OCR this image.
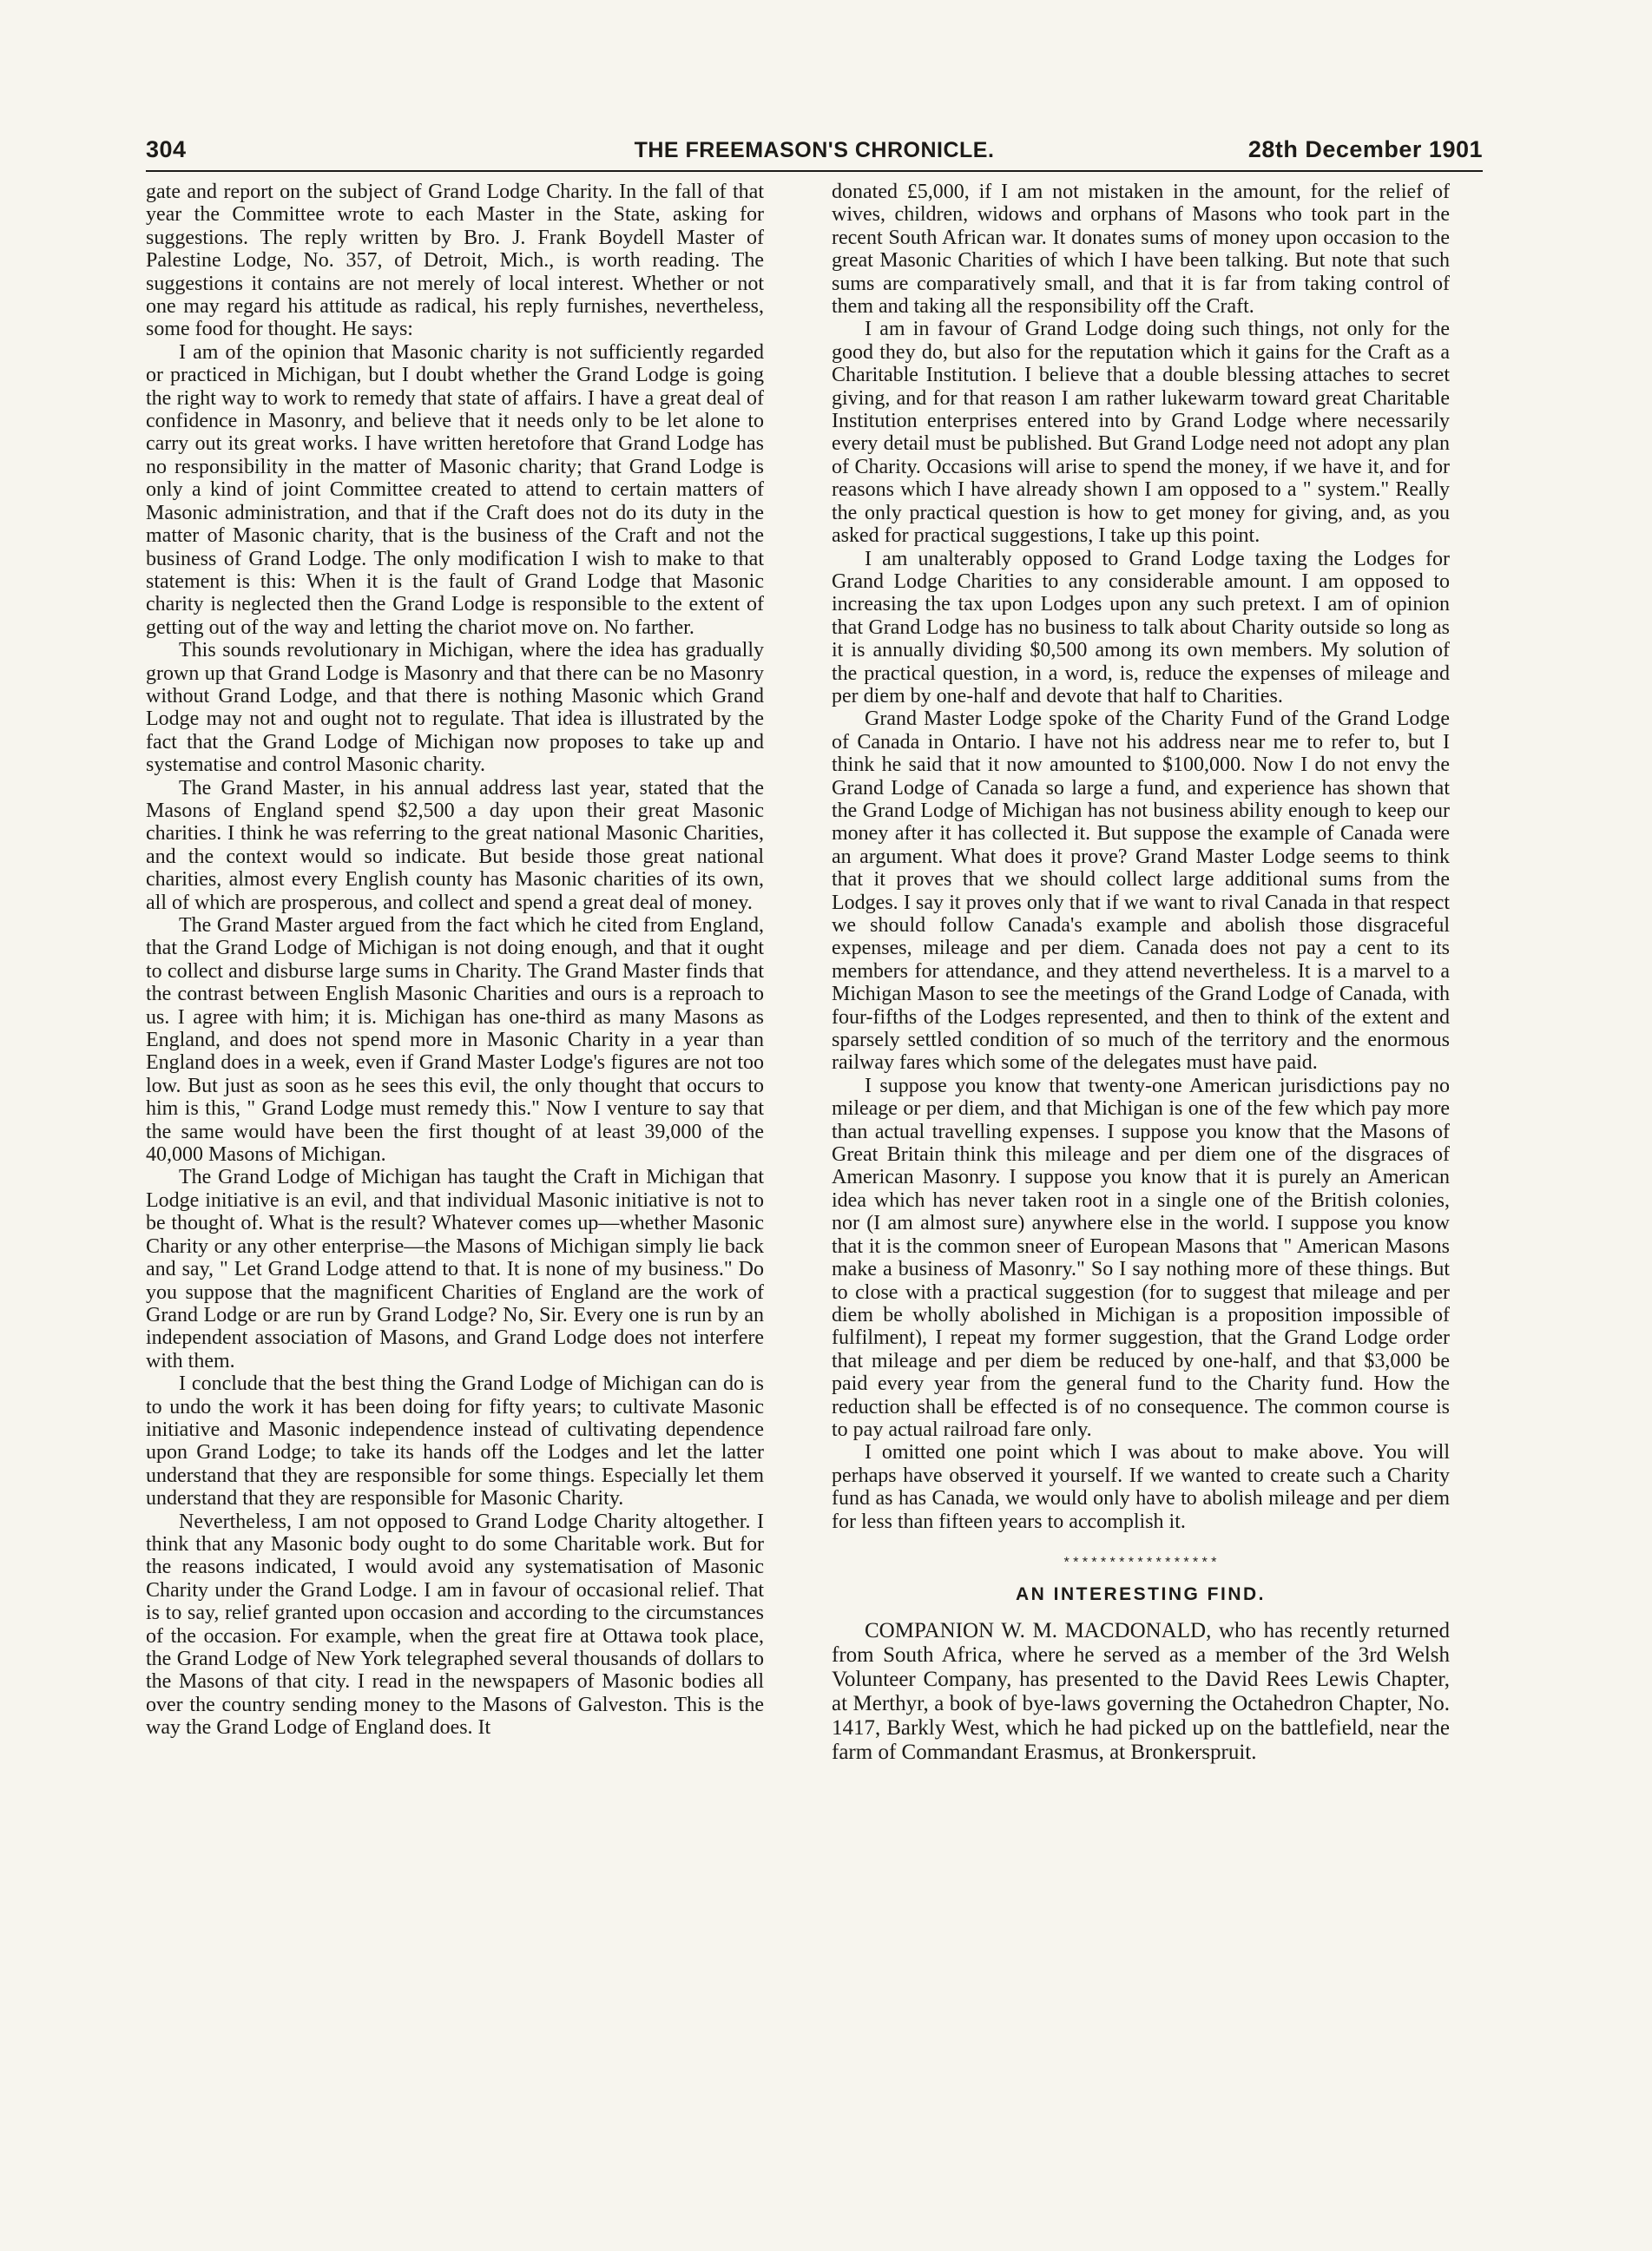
304	THE FREEMASON'S CHRONICLE.	28th December 1901

gate and report on the subject of Grand Lodge Charity. In the fall of that year the Committee wrote to each Master in the State, asking for suggestions. The reply written by Bro. J. Frank Boydell Master of Palestine Lodge, No. 357, of Detroit, Mich., is worth reading. The suggestions it contains are not merely of local interest. Whether or not one may regard his attitude as radical, his reply furnishes, nevertheless, some food for thought. He says:

I am of the opinion that Masonic charity is not sufficiently regarded or practiced in Michigan, but I doubt whether the Grand Lodge is going the right way to work to remedy that state of affairs. I have a great deal of confidence in Masonry, and believe that it needs only to be let alone to carry out its great works. I have written heretofore that Grand Lodge has no responsibility in the matter of Masonic charity; that Grand Lodge is only a kind of joint Committee created to attend to certain matters of Masonic administration, and that if the Craft does not do its duty in the matter of Masonic charity, that is the business of the Craft and not the business of Grand Lodge. The only modification I wish to make to that statement is this: When it is the fault of Grand Lodge that Masonic charity is neglected then the Grand Lodge is responsible to the extent of getting out of the way and letting the chariot move on. No farther.

This sounds revolutionary in Michigan, where the idea has gradually grown up that Grand Lodge is Masonry and that there can be no Masonry without Grand Lodge, and that there is nothing Masonic which Grand Lodge may not and ought not to regulate. That idea is illustrated by the fact that the Grand Lodge of Michigan now proposes to take up and systematise and control Masonic charity.

The Grand Master, in his annual address last year, stated that the Masons of England spend $2,500 a day upon their great Masonic charities. I think he was referring to the great national Masonic Charities, and the context would so indicate. But beside those great national charities, almost every English county has Masonic charities of its own, all of which are prosperous, and collect and spend a great deal of money.

The Grand Master argued from the fact which he cited from England, that the Grand Lodge of Michigan is not doing enough, and that it ought to collect and disburse large sums in Charity. The Grand Master finds that the contrast between English Masonic Charities and ours is a reproach to us. I agree with him; it is. Michigan has one-third as many Masons as England, and does not spend more in Masonic Charity in a year than England does in a week, even if Grand Master Lodge's figures are not too low. But just as soon as he sees this evil, the only thought that occurs to him is this, " Grand Lodge must remedy this." Now I venture to say that the same would have been the first thought of at least 39,000 of the 40,000 Masons of Michigan.

The Grand Lodge of Michigan has taught the Craft in Michigan that Lodge initiative is an evil, and that individual Masonic initiative is not to be thought of. What is the result? Whatever comes up—whether Masonic Charity or any other enterprise—the Masons of Michigan simply lie back and say, " Let Grand Lodge attend to that. It is none of my business." Do you suppose that the magnificent Charities of England are the work of Grand Lodge or are run by Grand Lodge? No, Sir. Every one is run by an independent association of Masons, and Grand Lodge does not interfere with them.

I conclude that the best thing the Grand Lodge of Michigan can do is to undo the work it has been doing for fifty years; to cultivate Masonic initiative and Masonic independence instead of cultivating dependence upon Grand Lodge; to take its hands off the Lodges and let the latter understand that they are responsible for some things. Especially let them understand that they are responsible for Masonic Charity.

Nevertheless, I am not opposed to Grand Lodge Charity altogether. I think that any Masonic body ought to do some Charitable work. But for the reasons indicated, I would avoid any systematisation of Masonic Charity under the Grand Lodge. I am in favour of occasional relief. That is to say, relief granted upon occasion and according to the circumstances of the occasion. For example, when the great fire at Ottawa took place, the Grand Lodge of New York telegraphed several thousands of dollars to the Masons of that city. I read in the newspapers of Masonic bodies all over the country sending money to the Masons of Galveston. This is the way the Grand Lodge of England does. It

donated £5,000, if I am not mistaken in the amount, for the relief of wives, children, widows and orphans of Masons who took part in the recent South African war. It donates sums of money upon occasion to the great Masonic Charities of which I have been talking. But note that such sums are comparatively small, and that it is far from taking control of them and taking all the responsibility off the Craft.

I am in favour of Grand Lodge doing such things, not only for the good they do, but also for the reputation which it gains for the Craft as a Charitable Institution. I believe that a double blessing attaches to secret giving, and for that reason I am rather lukewarm toward great Charitable Institution enterprises entered into by Grand Lodge where necessarily every detail must be published. But Grand Lodge need not adopt any plan of Charity. Occasions will arise to spend the money, if we have it, and for reasons which I have already shown I am opposed to a " system." Really the only practical question is how to get money for giving, and, as you asked for practical suggestions, I take up this point.

I am unalterably opposed to Grand Lodge taxing the Lodges for Grand Lodge Charities to any considerable amount. I am opposed to increasing the tax upon Lodges upon any such pretext. I am of opinion that Grand Lodge has no business to talk about Charity outside so long as it is annually dividing $0,500 among its own members. My solution of the practical question, in a word, is, reduce the expenses of mileage and per diem by one-half and devote that half to Charities.

Grand Master Lodge spoke of the Charity Fund of the Grand Lodge of Canada in Ontario. I have not his address near me to refer to, but I think he said that it now amounted to $100,000. Now I do not envy the Grand Lodge of Canada so large a fund, and experience has shown that the Grand Lodge of Michigan has not business ability enough to keep our money after it has collected it. But suppose the example of Canada were an argument. What does it prove? Grand Master Lodge seems to think that it proves that we should collect large additional sums from the Lodges. I say it proves only that if we want to rival Canada in that respect we should follow Canada's example and abolish those disgraceful expenses, mileage and per diem. Canada does not pay a cent to its members for attendance, and they attend nevertheless. It is a marvel to a Michigan Mason to see the meetings of the Grand Lodge of Canada, with four-fifths of the Lodges represented, and then to think of the extent and sparsely settled condition of so much of the territory and the enormous railway fares which some of the delegates must have paid.

I suppose you know that twenty-one American jurisdictions pay no mileage or per diem, and that Michigan is one of the few which pay more than actual travelling expenses. I suppose you know that the Masons of Great Britain think this mileage and per diem one of the disgraces of American Masonry. I suppose you know that it is purely an American idea which has never taken root in a single one of the British colonies, nor (I am almost sure) anywhere else in the world. I suppose you know that it is the common sneer of European Masons that " American Masons make a business of Masonry." So I say nothing more of these things. But to close with a practical suggestion (for to suggest that mileage and per diem be wholly abolished in Michigan is a proposition impossible of fulfilment), I repeat my former suggestion, that the Grand Lodge order that mileage and per diem be reduced by one-half, and that $3,000 be paid every year from the general fund to the Charity fund. How the reduction shall be effected is of no consequence. The common course is to pay actual railroad fare only.

I omitted one point which I was about to make above. You will perhaps have observed it yourself. If we wanted to create such a Charity fund as has Canada, we would only have to abolish mileage and per diem for less than fifteen years to accomplish it.

*****************
AN INTERESTING FIND.

COMPANION W. M. MACDONALD, who has recently returned from South Africa, where he served as a member of the 3rd Welsh Volunteer Company, has presented to the David Rees Lewis Chapter, at Merthyr, a book of bye-laws governing the Octahedron Chapter, No. 1417, Barkly West, which he had picked up on the battlefield, near the farm of Commandant Erasmus, at Bronkerspruit.
